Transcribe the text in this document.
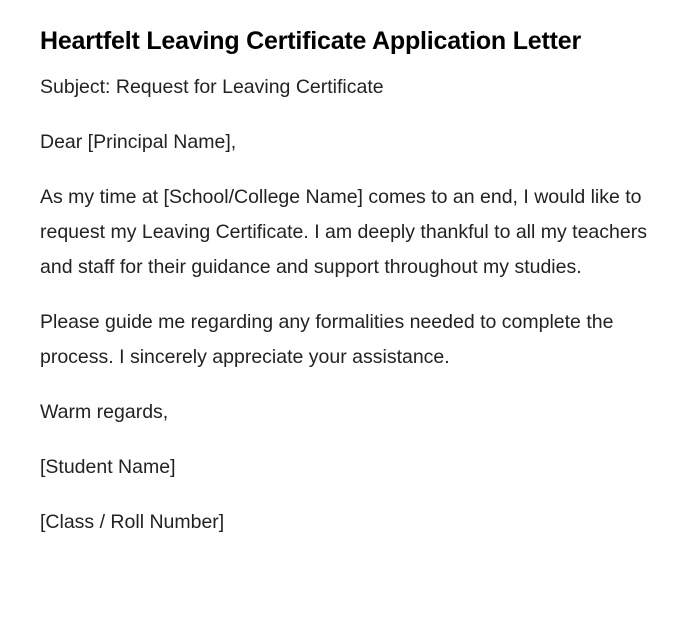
Heartfelt Leaving Certificate Application Letter

Subject: Request for Leaving Certificate

Dear [Principal Name],

As my time at [School/College Name] comes to an end, I would like to request my Leaving Certificate. I am deeply thankful to all my teachers and staff for their guidance and support throughout my studies.

Please guide me regarding any formalities needed to complete the process. I sincerely appreciate your assistance.

Warm regards,

[Student Name]

[Class / Roll Number]
